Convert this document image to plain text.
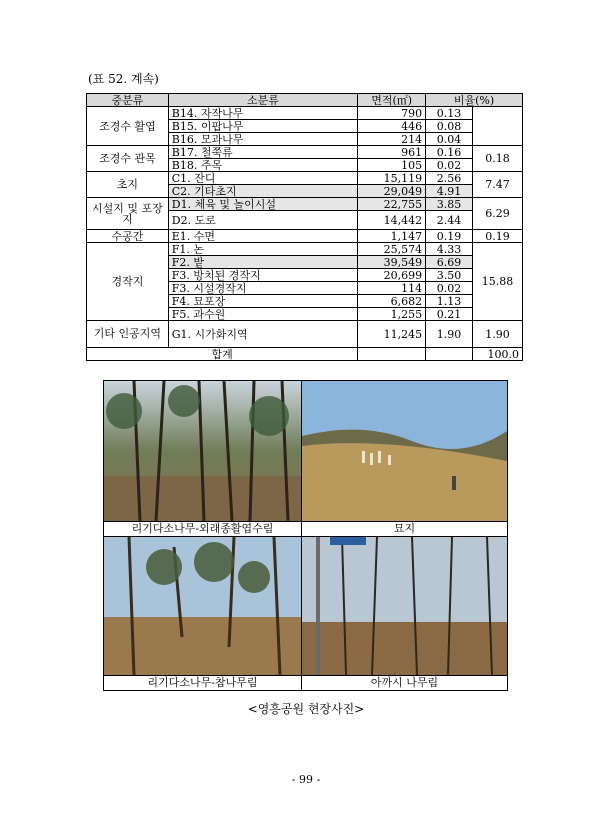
(표 52. 계속)
중분류	소분류	면적(㎡)	비율(%)	
조경수 활엽	B14. 자작나무	790	0.13	
	B15. 이팝나무	446	0.08	
	B16. 모과나무	214	0.04	
조경수 관목	B17. 철쭉류	961	0.16	0.18
	B18. 주목	105	0.02	
초지	C1. 잔디	15,119	2.56	7.47
	C2. 기타초지	29,049	4.91	
시설지 및 포장지	D1. 체육 및 놀이시설	22,755	3.85	6.29
	D2. 도로	14,442	2.44	
수공간	E1. 수면	1,147	0.19	0.19
경작지	F1. 논	25,574	4.33	15.88
	F2. 밭	39,549	6.69	
	F3. 방치된 경작지	20,699	3.50	
	F3. 시설경작지	114	0.02	
	F4. 묘포장	6,682	1.13	
	F5. 과수원	1,255	0.21	
기타 인공지역	G1. 시가화지역	11,245	1.90	1.90
합계				100.0
리기다소나무-외래종활엽수림	묘지
리기다소나무-참나무림	아까시 나무림
<영흥공원 현장사진>
- 99 -
